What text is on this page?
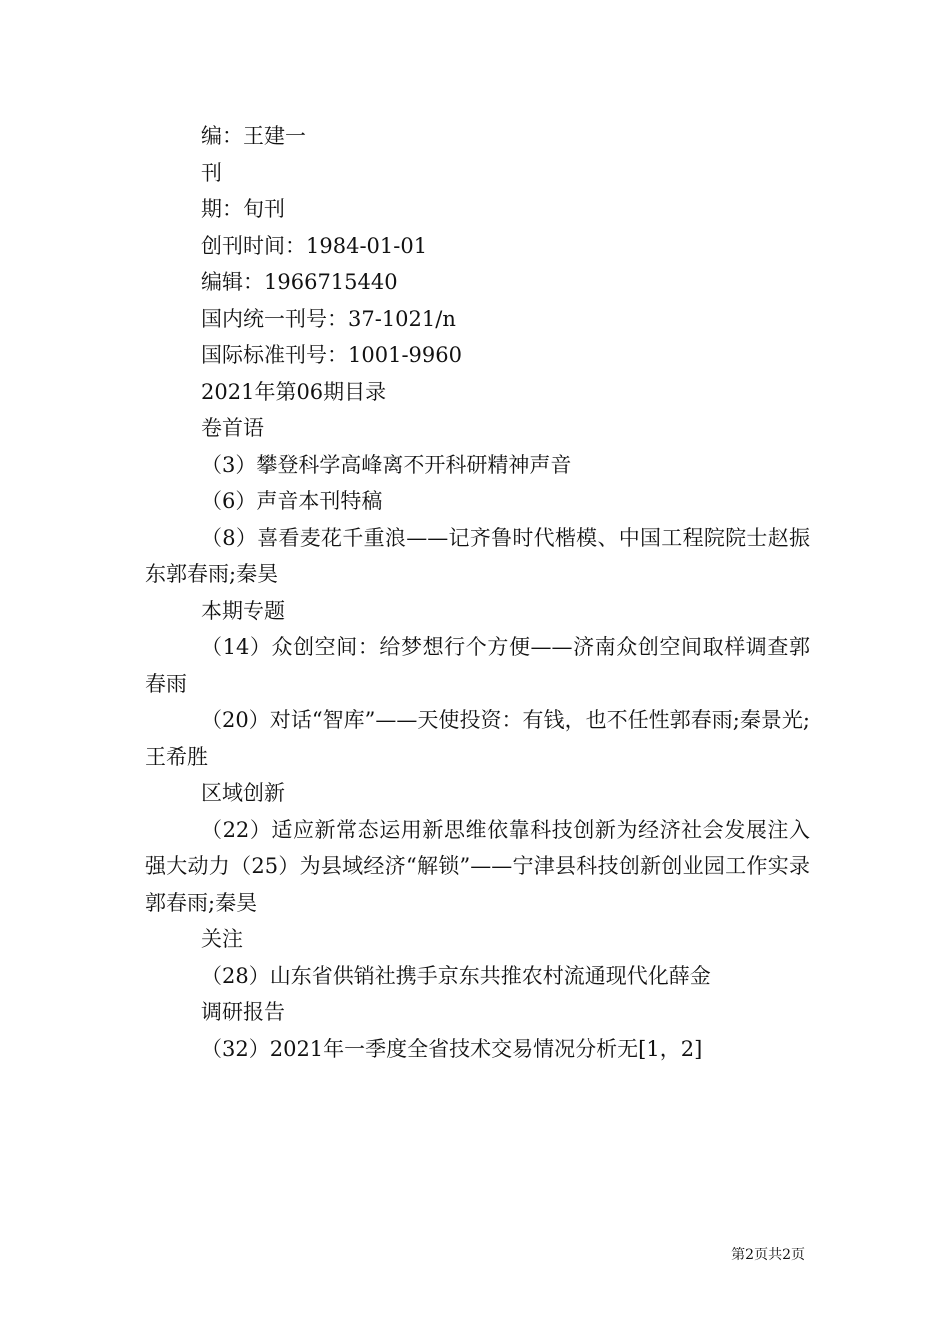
编：王建一

刊

期：旬刊

创刊时间：1984-01-01

编辑：1966715440

国内统一刊号：37-1021/n

国际标准刊号：1001-9960

2021年第06期目录

卷首语

（3）攀登科学高峰离不开科研精神声音

（6）声音本刊特稿

（8）喜看麦花千重浪——记齐鲁时代楷模、中国工程院院士赵振东郭春雨;秦昊

本期专题

（14）众创空间：给梦想行个方便——济南众创空间取样调查郭春雨

（20）对话“智库”——天使投资：有钱，也不任性郭春雨;秦景光;王希胜

区域创新

（22）适应新常态运用新思维依靠科技创新为经济社会发展注入强大动力（25）为县域经济“解锁”——宁津县科技创新创业园工作实录郭春雨;秦昊

关注

（28）山东省供销社携手京东共推农村流通现代化薛金

调研报告

（32）2021年一季度全省技术交易情况分析无[1，2]

第2页共2页
